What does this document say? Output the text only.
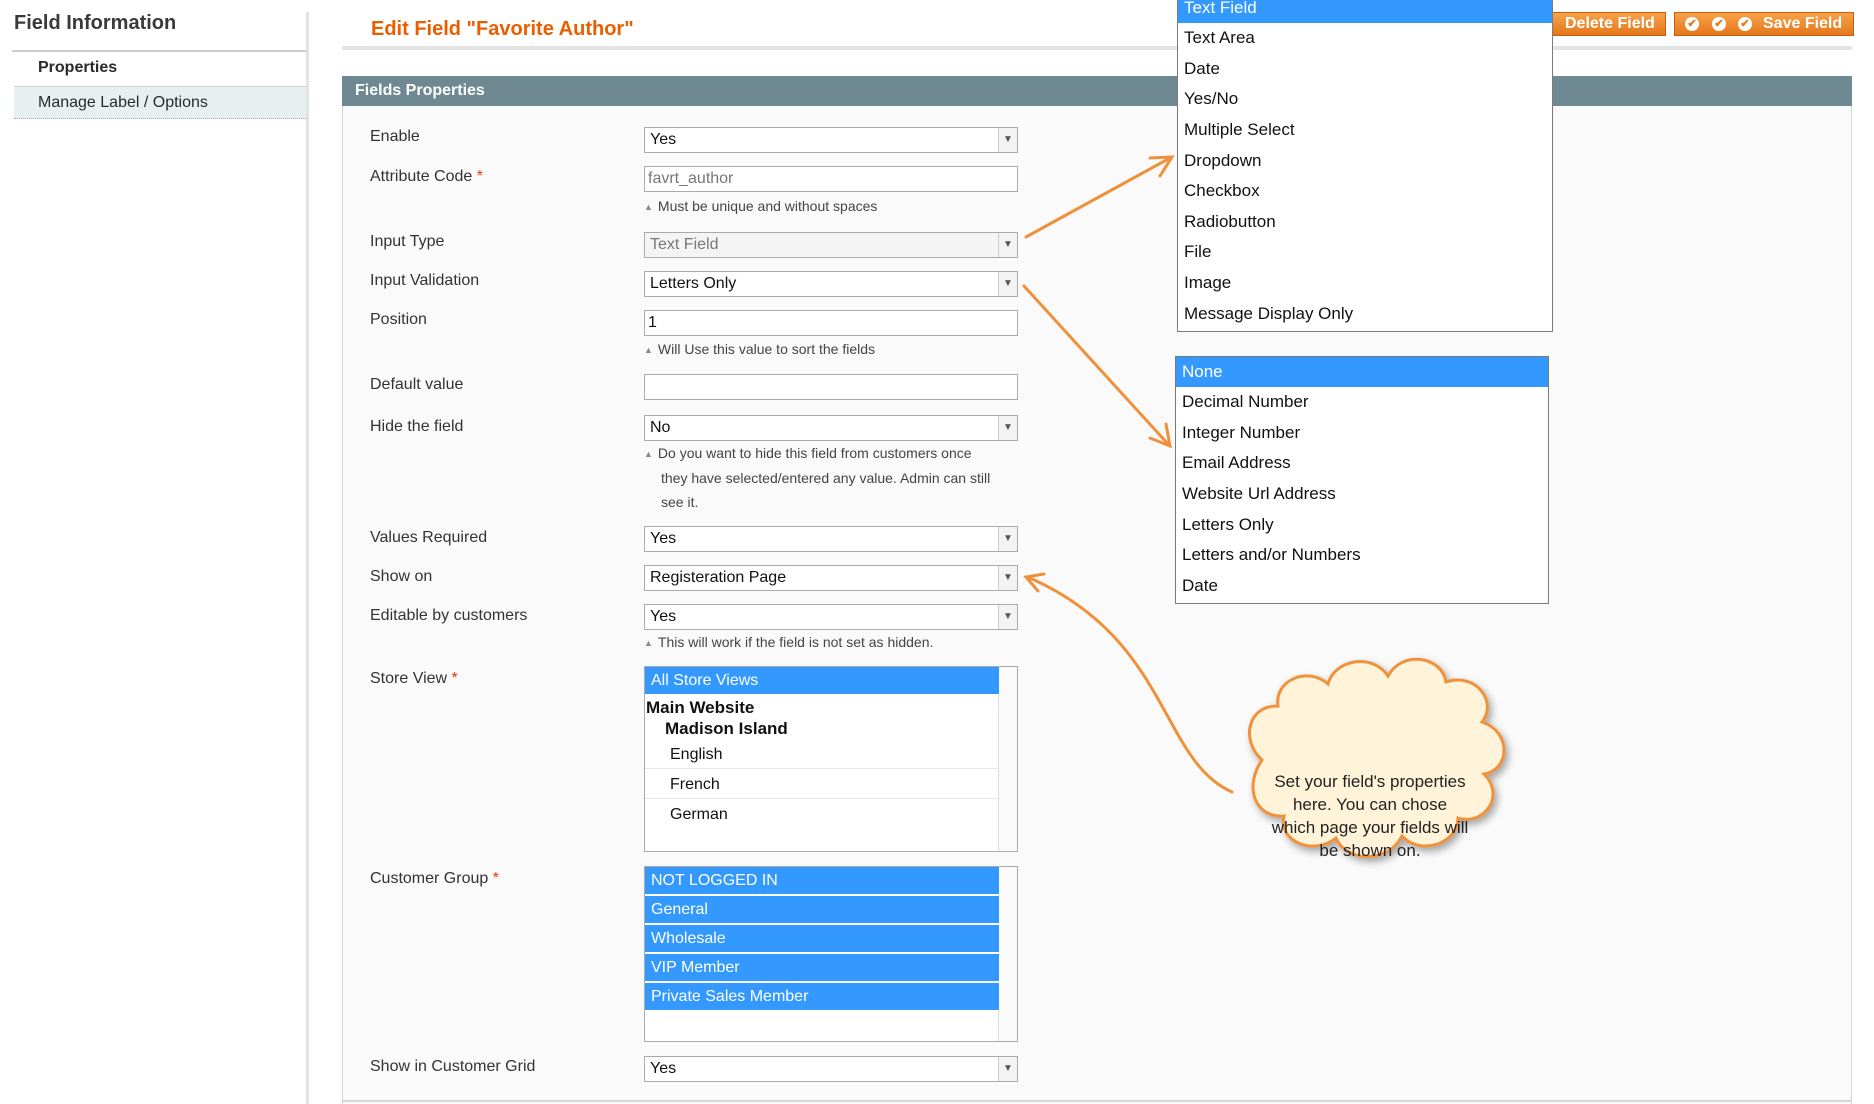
Field Information
Properties
Manage Label / Options
Edit Field "Favorite Author"	Delete Field	✔ ✔ ✔ Save Field
Fields Properties
Enable	Yes	▼
Attribute Code *	favrt_author
▲ Must be unique and without spaces
Input Type	Text Field	▼
Input Validation	Letters Only	▼
Position	1
▲ Will Use this value to sort the fields
Default value
Hide the field	No	▼
▲ Do you want to hide this field from customers once
they have selected/entered any value. Admin can still
see it.
Values Required	Yes	▼
Show on	Registeration Page	▼
Editable by customers	Yes	▼
▲ This will work if the field is not set as hidden.
Store View *	All Store Views
Main Website
Madison Island
English
French
German
Customer Group *	NOT LOGGED IN
General
Wholesale
VIP Member
Private Sales Member
Show in Customer Grid	Yes	▼
Text Field
Text Area
Date
Yes/No
Multiple Select
Dropdown
Checkbox
Radiobutton
File
Image
Message Display Only
None
Decimal Number
Integer Number
Email Address
Website Url Address
Letters Only
Letters and/or Numbers
Date
Set your field's properties
here. You can chose
which page your fields will
be shown on.
